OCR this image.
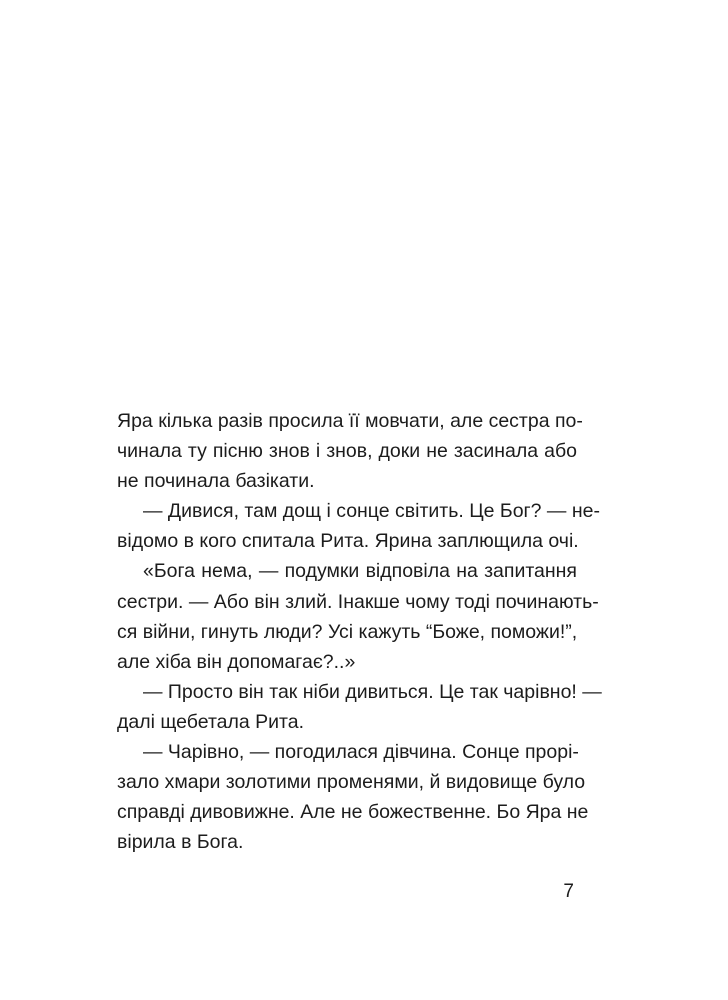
Яра кілька разів просила її мовчати, але сестра по-
чинала ту пісню знов і знов, доки не засинала або
не починала базікати.
— Дивися, там дощ і сонце світить. Це Бог? — не-
відомо в кого спитала Рита. Ярина заплющила очі.
«Бога нема, — подумки відповіла на запитання
сестри. — Або він злий. Інакше чому тоді починають-
ся війни, гинуть люди? Усі кажуть “Боже, поможи!”,
але хіба він допомагає?..»
— Просто він так ніби дивиться. Це так чарівно! —
далі щебетала Рита.
— Чарівно, — погодилася дівчина. Сонце прорі-
зало хмари золотими променями, й видовище було
справді дивовижне. Але не божественне. Бо Яра не
вірила в Бога.
7
